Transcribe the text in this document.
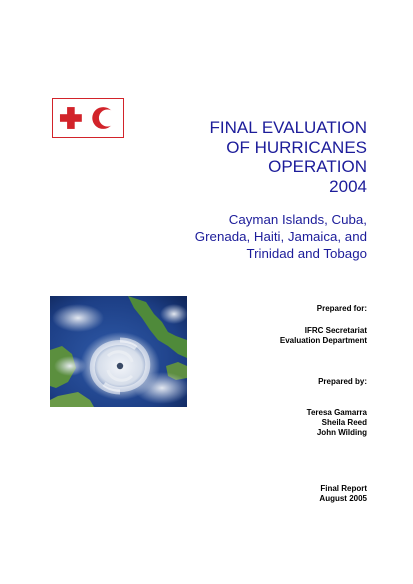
FINAL EVALUATION
OF HURRICANES
OPERATION
2004
Cayman Islands, Cuba,
Grenada, Haiti, Jamaica, and
Trinidad and Tobago
Prepared for:
IFRC Secretariat
Evaluation Department
Prepared by:
Teresa Gamarra
Sheila Reed
John Wilding
Final Report
August 2005
